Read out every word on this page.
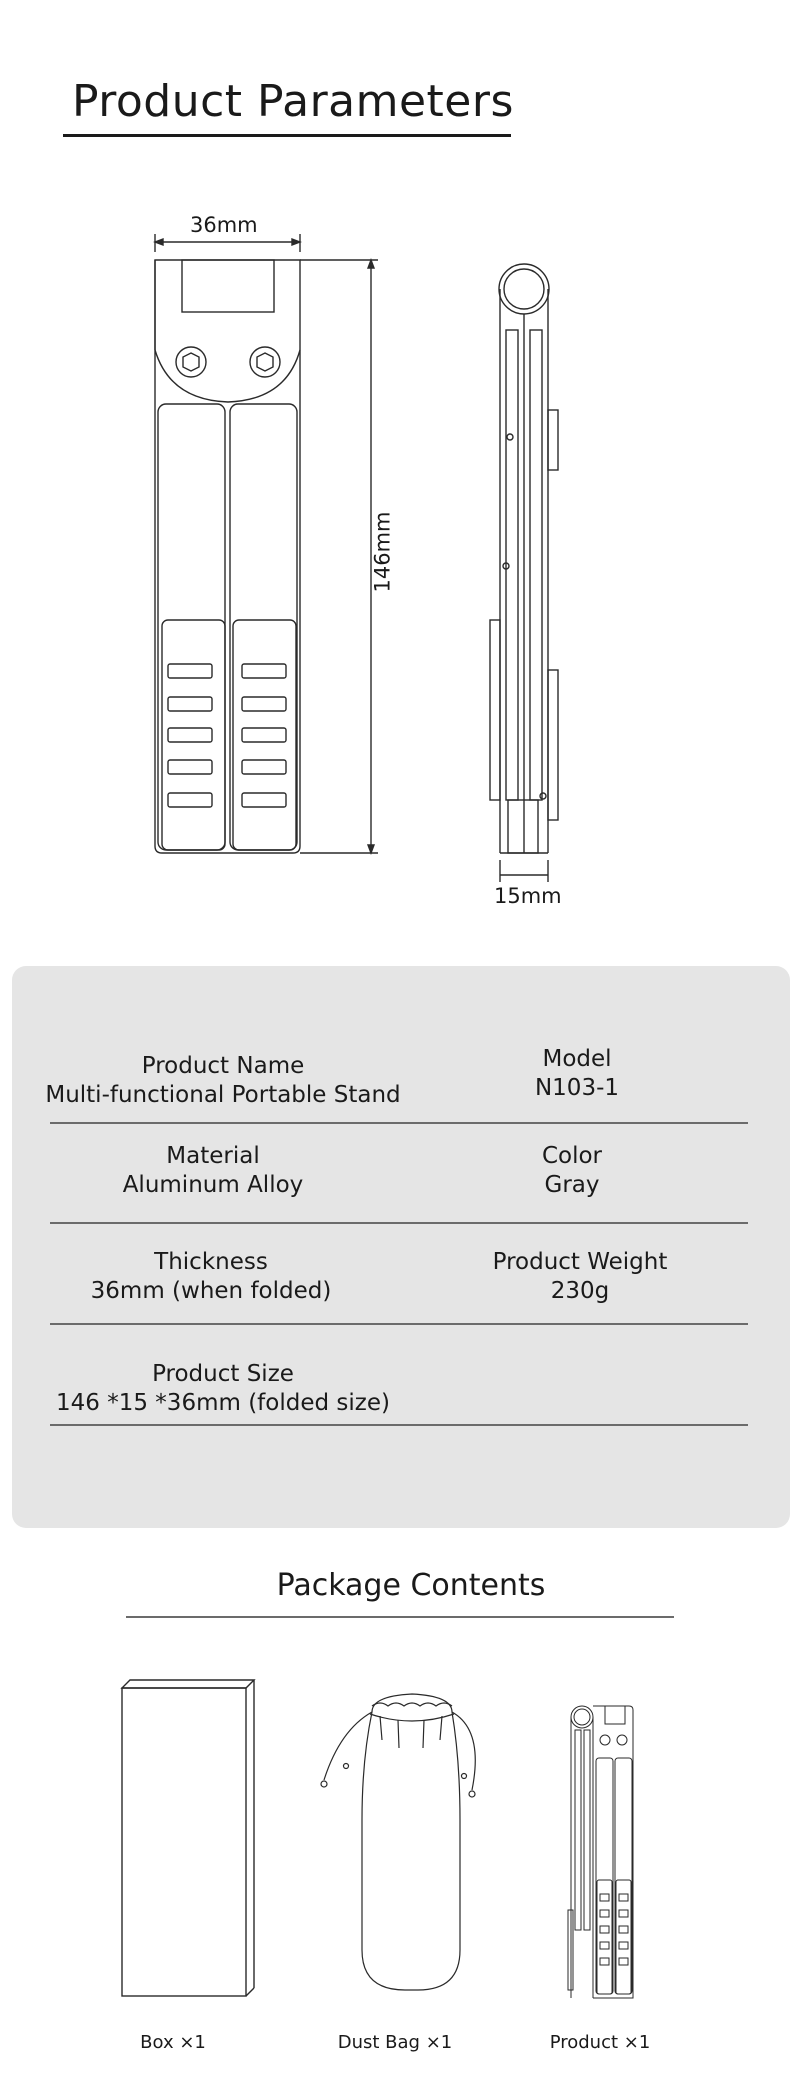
Product Parameters
36mm
146mm
15mm
Product Name
Multi-functional Portable Stand
Model
N103-1
Material
Aluminum Alloy
Color
Gray
Thickness
36mm (when folded)
Product Weight
230g
Product Size
146 *15 *36mm (folded size)
Package Contents
Box ×1	Dust Bag ×1	Product ×1
